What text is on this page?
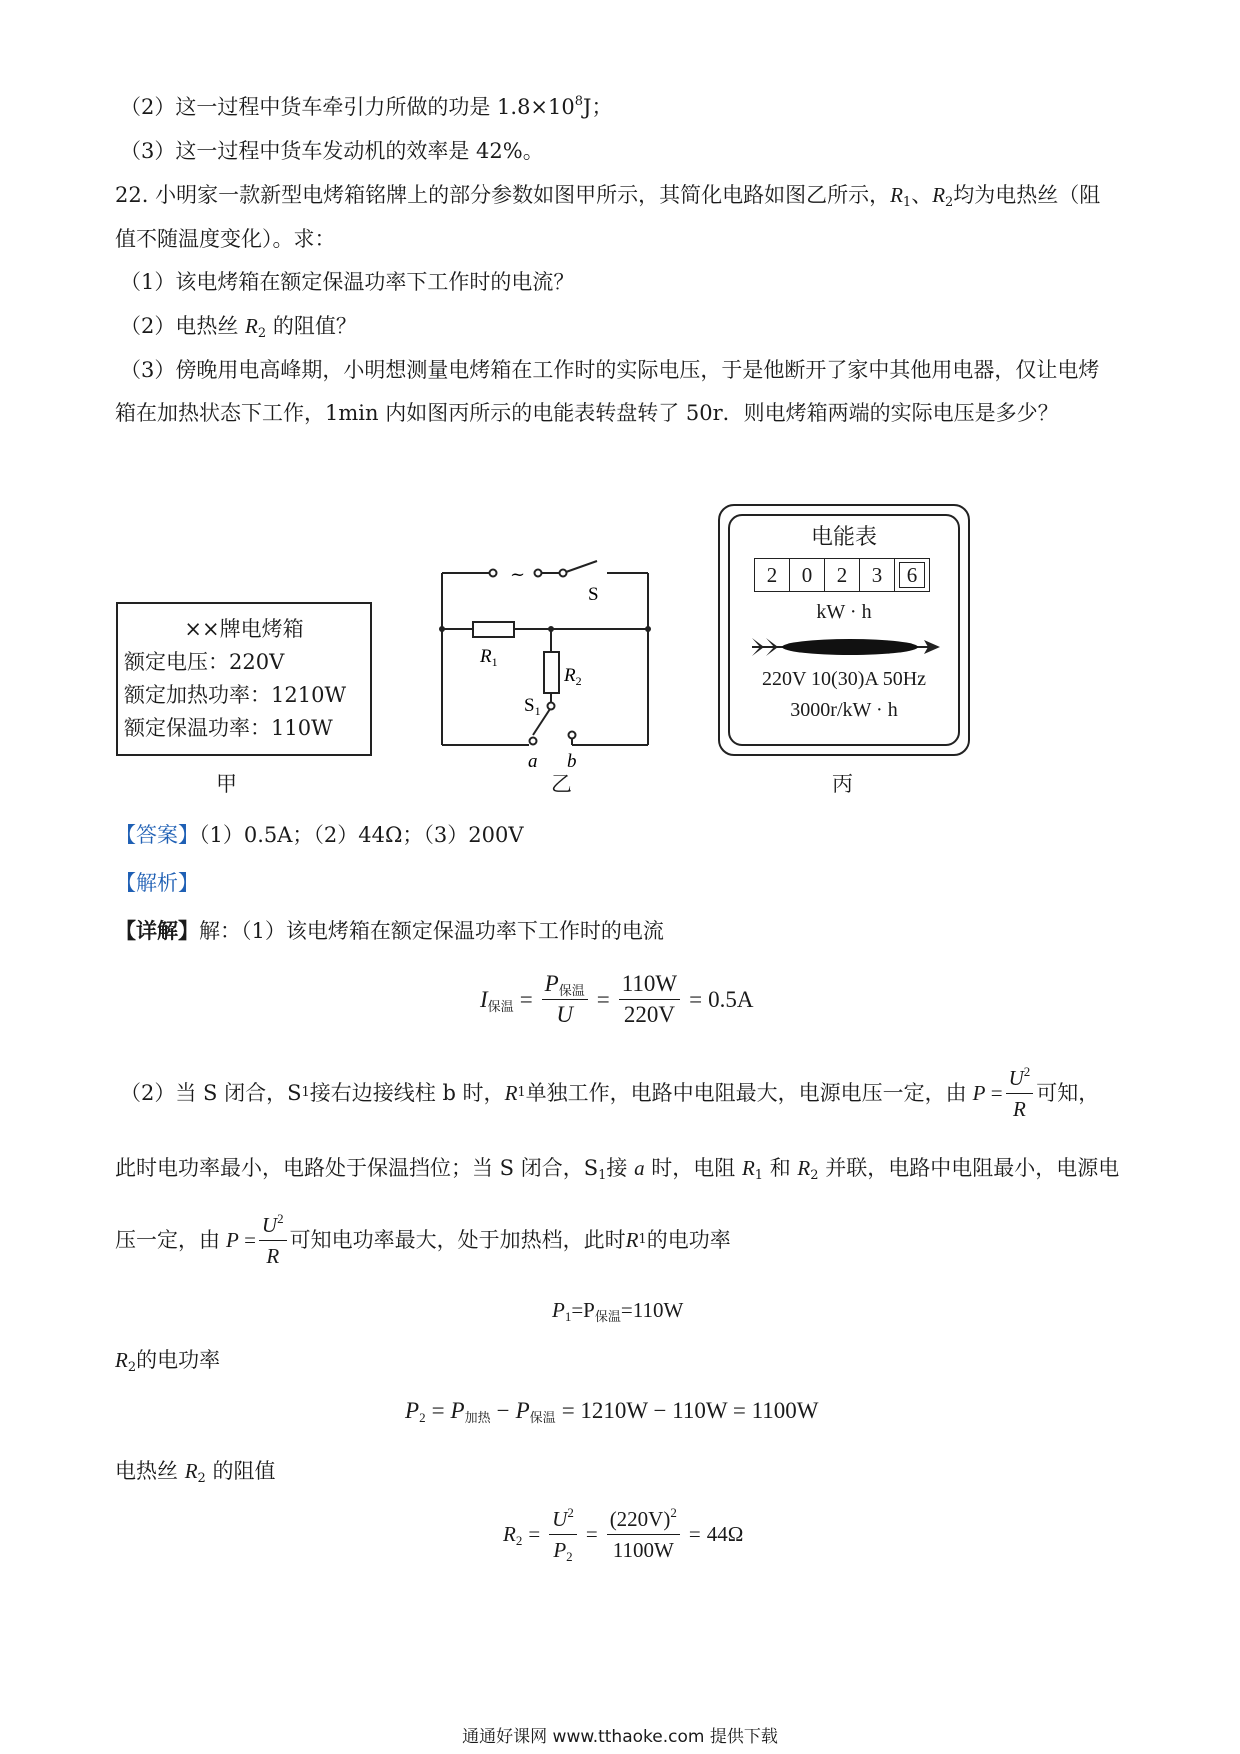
（2）这一过程中货车牵引力所做的功是 $1.8\times 10^8J$；
（3）这一过程中货车发动机的效率是 42%。
22. 小明家一款新型电烤箱铭牌上的部分参数如图甲所示，其简化电路如图乙所示，$R_1$、$R_2$均为电热丝（阻
值不随温度变化）。求：
（1）该电烤箱在额定保温功率下工作时的电流？
（2）电热丝 $R_2$ 的阻值？
（3）傍晚用电高峰期，小明想测量电烤箱在工作时的实际电压，于是他断开了家中其他用电器，仅让电烤
箱在加热状态下工作，1min 内如图丙所示的电能表转盘转了 50r．则电烤箱两端的实际电压是多少？
××牌电烤箱
额定电压：220V
额定加热功率：1210W
额定保温功率：110W
甲
~
S
$R_1$
$R_2$
$S_1$
a b
乙
电能表
2	0	2	3	6
kW · h
220V 10(30)A 50Hz
3000r/kW · h
丙
【答案】（1）0.5A；（2）44Ω；（3）200V
【解析】
【详解】解：（1）该电烤箱在额定保温功率下工作时的电流
$I_{保温} = \frac{P_{保温}}{U} = \frac{110W}{220V} = 0.5A$
（2）当 S 闭合，S 1 接右边接线柱 b 时， R 1 单独工作，电路中电阻最大，电源电压一定，由 $P = \frac{U^2}{R}$ 可知，
此时电功率最小，电路处于保温挡位；当 S 闭合，$S_1$接 a 时，电阻 $R_1$ 和 $R_2$ 并联，电路中电阻最小，电源电
压一定，由 $P = \frac{U^2}{R}$ 可知电功率最大，处于加热档，此时 R 1 的电功率
$P_1=P_{保温}=110W$
$R_2$的电功率
$P_2 = P_{加热} - P_{保温} = 1210W - 110W = 1100W$
电热丝 $R_2$ 的阻值
$R_2 = \frac{U^2}{P_2} = \frac{(220V)^2}{1100W} = 44\Omega$
通通好课网 www.tthaoke.com 提供下载
